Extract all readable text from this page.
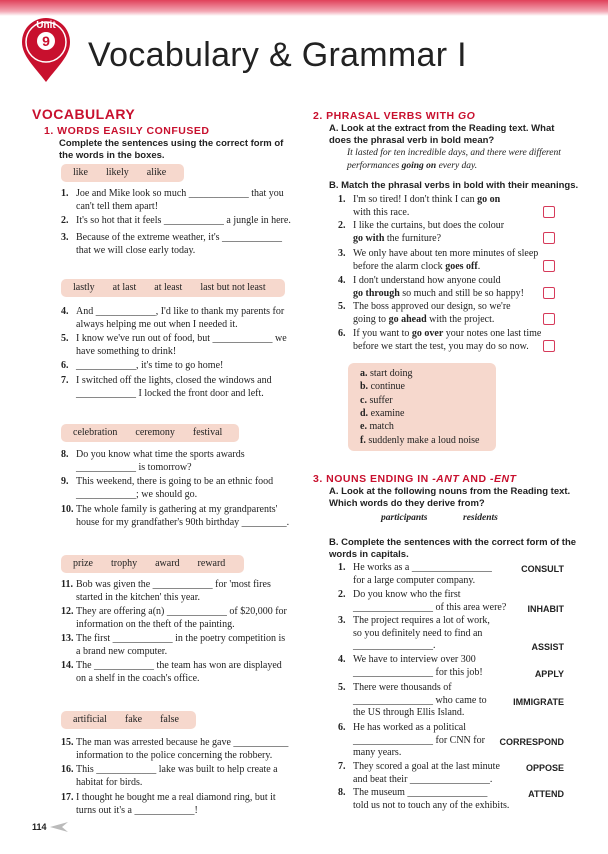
Unit
9 Vocabulary & Grammar I
VOCABULARY
1. WORDS EASILY CONFUSED
Complete the sentences using the correct form of the words in the boxes.
like likely alike
1. Joe and Mike look so much ____________ that you
can't tell them apart!
2. It's so hot that it feels ____________ a jungle in here.
3. Because of the extreme weather, it's ____________
that we will close early today.
4. And ____________, I'd like to thank my parents for
always helping me out when I needed it.
5. I know we've run out of food, but ____________ we
have something to drink!
6. ____________, it's time to go home!
7. I switched off the lights, closed the windows and
____________ I locked the front door and left.
8. Do you know what time the sports awards
____________ is tomorrow?
9. This weekend, there is going to be an ethnic food
____________; we should go.
10. The whole family is gathering at my grandparents'
house for my grandfather's 90th birthday _________.
11. Bob was given the ____________ for 'most fires
started in the kitchen' this year.
12. They are offering a(n) ____________ of $20,000 for
information on the theft of the painting.
13. The first ____________ in the poetry competition is
a brand new computer.
14. The ____________ the team has won are displayed
on a shelf in the coach's office.
15. The man was arrested because he gave ___________
information to the police concerning the robbery.
16. This ____________ lake was built to help create a
habitat for birds.
17. I thought he bought me a real diamond ring, but it
turns out it's a ____________!
lastly at last at least last but not least
celebration ceremony festival
prize trophy award reward
artificial fake false
2. PHRASAL VERBS WITH GO
A. Look at the extract from the Reading text. What does the phrasal verb in bold mean?
It lasted for ten incredible days, and there were different
performances going on every day.
B. Match the phrasal verbs in bold with their meanings.
1. I'm so tired! I don't think I can go on
with this race.
2. I like the curtains, but does the colour
go with the furniture?
3. We only have about ten more minutes of sleep
before the alarm clock goes off.
4. I don't understand how anyone could
go through so much and still be so happy!
5. The boss approved our design, so we're
going to go ahead with the project.
6. If you want to go over your notes one last time
before we start the test, you may do so now.
a. start doing
b. continue
c. suffer
d. examine
e. match
f. suddenly make a loud noise
3. NOUNS ENDING IN -ANT AND -ENT
A. Look at the following nouns from the Reading text. Which words do they derive from?
participants	residents
B. Complete the sentences with the correct form of the words in capitals.
1. He works as a ________________
for a large computer company.
CONSULT
2. Do you know who the first
________________ of this area were?	INHABIT
3. The project requires a lot of work,
so you definitely need to find an
________________.	ASSIST
4. We have to interview over 300
________________ for this job!	APPLY
5. There were thousands of
________________ who came to
the US through Ellis Island.
IMMIGRATE
6. He has worked as a political
________________ for CNN for
many years.
CORRESPOND
7. They scored a goal at the last minute
and beat their ________________.
OPPOSE
8. The museum ________________
told us not to touch any of the exhibits.
ATTEND
114
